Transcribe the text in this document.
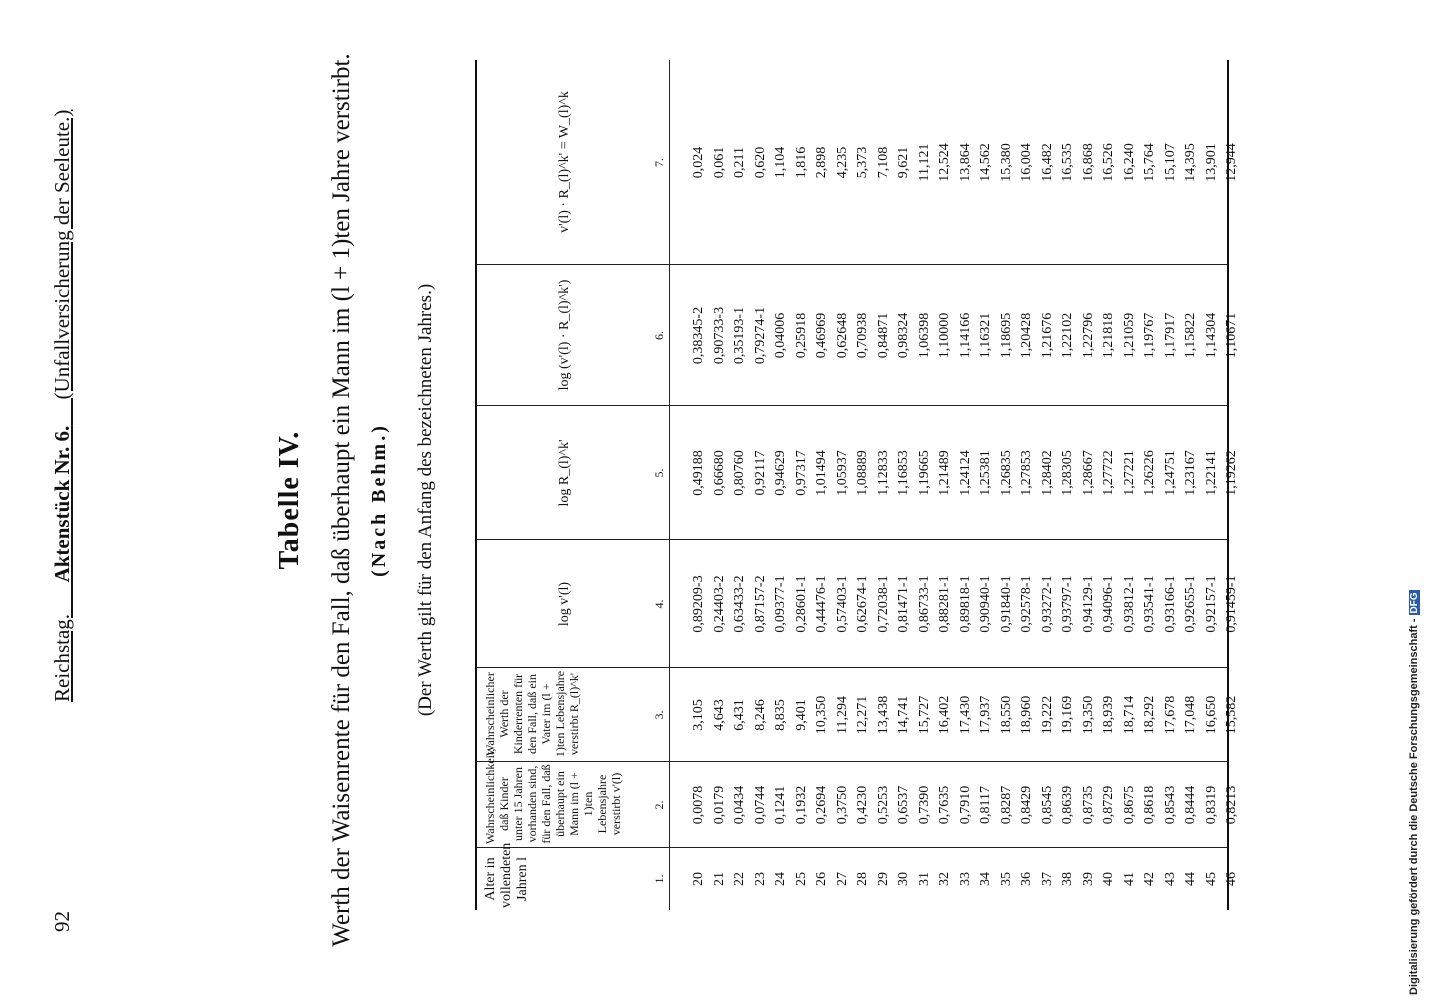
92
Reichstag.      Aktenstück Nr. 6.     (Unfallversicherung der Seeleute.)
Tabelle IV. Werth der Waisenrente für den Fall, daß überhaupt ein Mann im (l + 1)ten Jahre verstirbt. (Nach Behm.) (Der Werth gilt für den Anfang des bezeichneten Jahres.)
Alter in vollendeten Jahren l
Wahrscheinlichkeit, daß Kinder unter 15 Jahren vorhanden sind, für den Fall, daß überhaupt ein Mann im (l + 1)ten Lebensjahre verstirbt v'(l)
Wahrscheinlicher Werth der Kinderrenten für den Fall, daß ein Vater im (l + 1)ten Lebensjahre verstirbt R_(l)^k'
log v'(l)
log R_(l)^k'
log (v'(l) · R_(l)^k')
v'(l) · R_(l)^k' = W_(l)^k
1.
2.
3.
4.
5.
6.
7.
20
0,0078
3,105
0,89209-3
0,49188
0,38345-2
0,024
21
0,0179
4,643
0,24403-2
0,66680
0,90733-3
0,061
22
0,0434
6,431
0,63433-2
0,80760
0,35193-1
0,211
23
0,0744
8,246
0,87157-2
0,92117
0,79274-1
0,620
24
0,1241
8,835
0,09377-1
0,94629
0,04006
1,104
25
0,1932
9,401
0,28601-1
0,97317
0,25918
1,816
26
0,2694
10,350
0,44476-1
1,01494
0,46969
2,898
27
0,3750
11,294
0,57403-1
1,05937
0,62648
4,235
28
0,4230
12,271
0,62674-1
1,08889
0,70938
5,373
29
0,5253
13,438
0,72038-1
1,12833
0,84871
7,108
30
0,6537
14,741
0,81471-1
1,16853
0,98324
9,621
31
0,7390
15,727
0,86733-1
1,19665
1,06398
11,121
32
0,7635
16,402
0,88281-1
1,21489
1,10000
12,524
33
0,7910
17,430
0,89818-1
1,24124
1,14166
13,864
34
0,8117
17,937
0,90940-1
1,25381
1,16321
14,562
35
0,8287
18,550
0,91840-1
1,26835
1,18695
15,380
36
0,8429
18,960
0,92578-1
1,27853
1,20428
16,004
37
0,8545
19,222
0,93272-1
1,28402
1,21676
16,482
38
0,8639
19,169
0,93797-1
1,28305
1,22102
16,535
39
0,8735
19,350
0,94129-1
1,28667
1,22796
16,868
40
0,8729
18,939
0,94096-1
1,27722
1,21818
16,526
41
0,8675
18,714
0,93812-1
1,27221
1,21059
16,240
42
0,8618
18,292
0,93541-1
1,26226
1,19767
15,764
43
0,8543
17,678
0,93166-1
1,24751
1,17917
15,107
44
0,8444
17,048
0,92655-1
1,23167
1,15822
14,395
45
0,8319
16,650
0,92157-1
1,22141
1,14304
13,901
46
0,8213
15,582
0,91459-1
1,19262
1,10671
12,944
Digitalisierung gefördert durch die Deutsche Forschungsgemeinschaft -DFG
